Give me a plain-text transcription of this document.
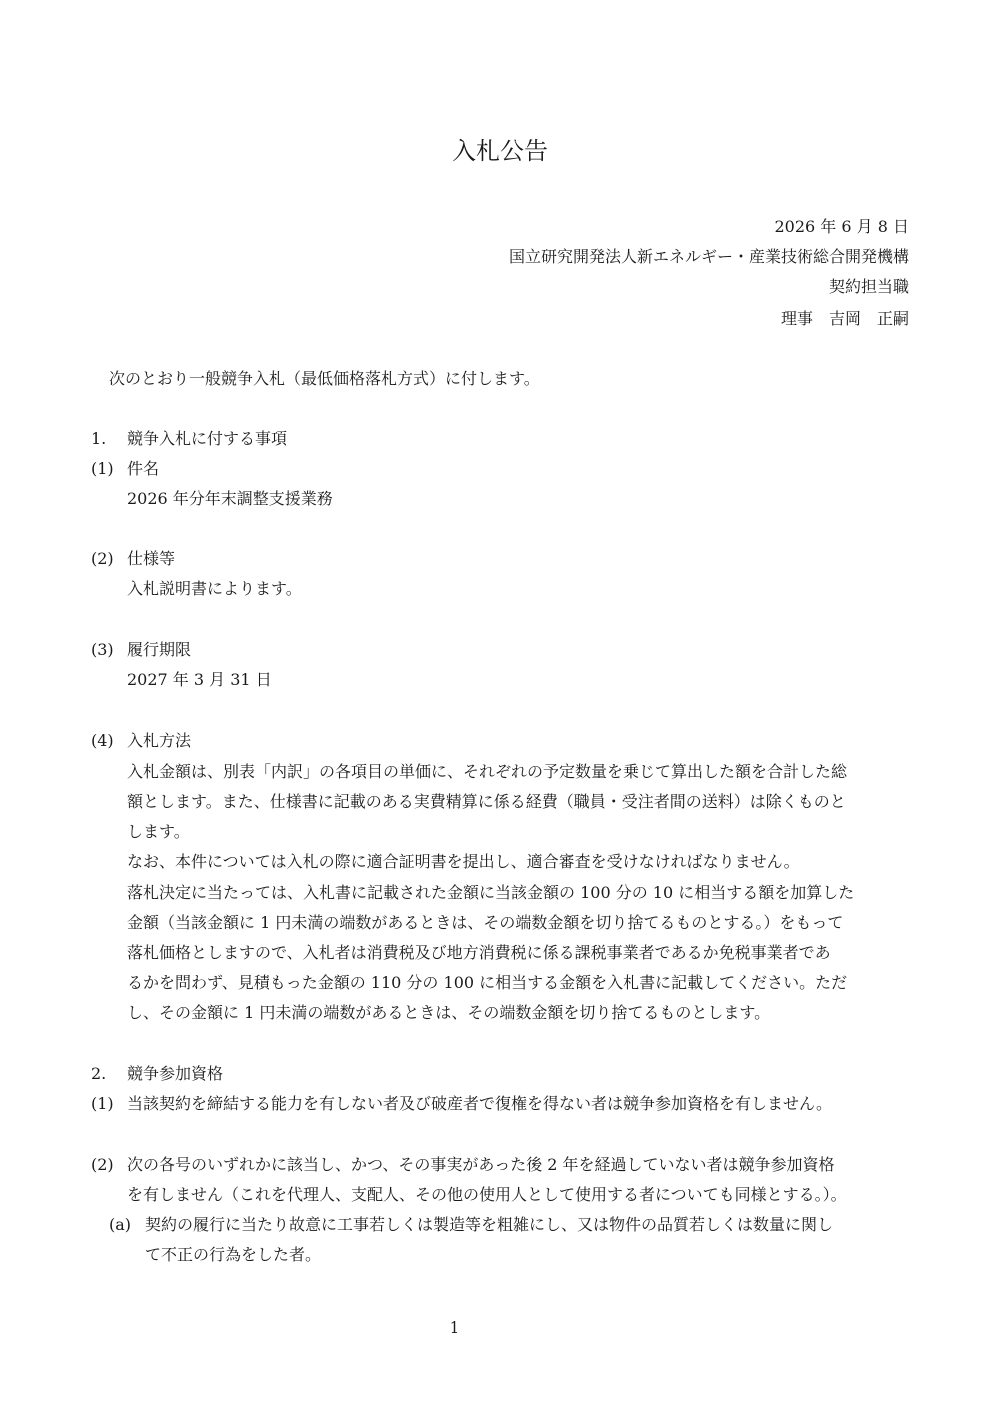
入札公告
2026 年 6 月 8 日
国立研究開発法人新エネルギー・産業技術総合開発機構
契約担当職
理事　吉岡　正嗣
次のとおり一般競争入札（最低価格落札方式）に付します。
1. 競争入札に付する事項
(1) 件名
2026 年分年末調整支援業務
(2) 仕様等
入札説明書によります。
(3) 履行期限
2027 年 3 月 31 日
(4) 入札方法
入札金額は、別表「内訳」の各項目の単価に、それぞれの予定数量を乗じて算出した額を合計した総
額とします。また、仕様書に記載のある実費精算に係る経費（職員・受注者間の送料）は除くものと
します。
なお、本件については入札の際に適合証明書を提出し、適合審査を受けなければなりません。
落札決定に当たっては、入札書に記載された金額に当該金額の 100 分の 10 に相当する額を加算した
金額（当該金額に 1 円未満の端数があるときは、その端数金額を切り捨てるものとする。）をもって
落札価格としますので、入札者は消費税及び地方消費税に係る課税事業者であるか免税事業者であ
るかを問わず、見積もった金額の 110 分の 100 に相当する金額を入札書に記載してください。ただ
し、その金額に 1 円未満の端数があるときは、その端数金額を切り捨てるものとします。
2. 競争参加資格
(1) 当該契約を締結する能力を有しない者及び破産者で復権を得ない者は競争参加資格を有しません。
(2) 次の各号のいずれかに該当し、かつ、その事実があった後 2 年を経過していない者は競争参加資格
を有しません（これを代理人、支配人、その他の使用人として使用する者についても同様とする。）。
(a) 契約の履行に当たり故意に工事若しくは製造等を粗雑にし、又は物件の品質若しくは数量に関し
て不正の行為をした者。
1
